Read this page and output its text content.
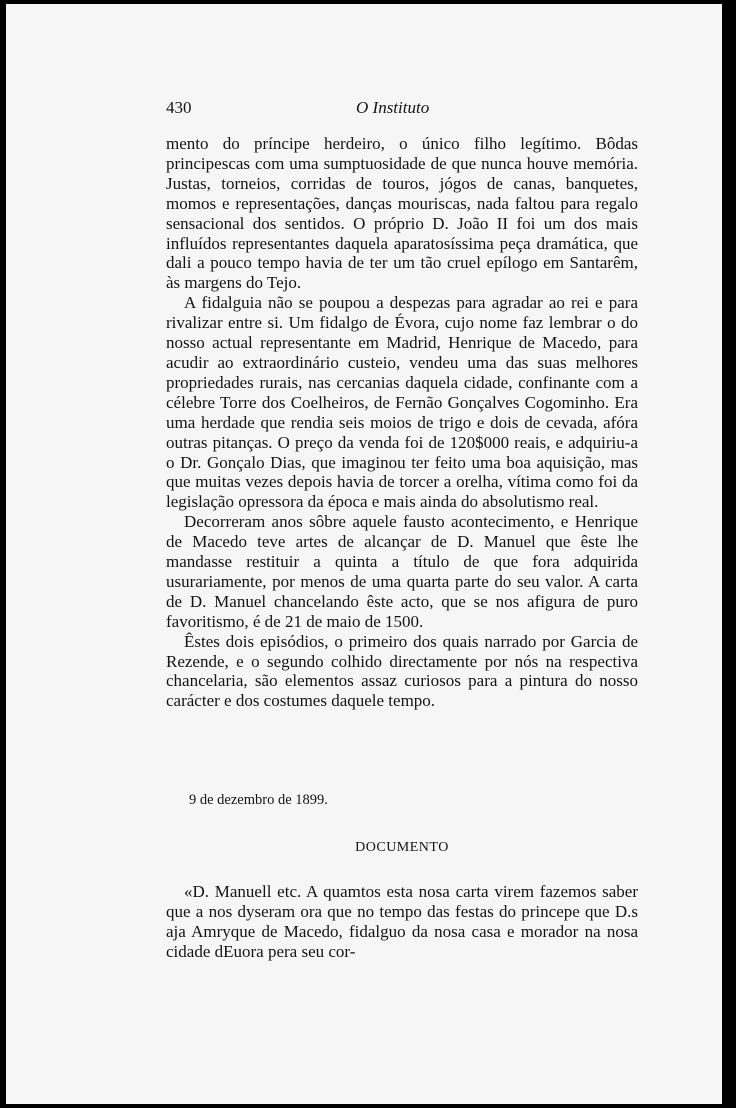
430	O Instituto

mento do príncipe herdeiro, o único filho legítimo. Bôdas principescas com uma sumptuosidade de que nunca houve memória. Justas, torneios, corridas de touros, jógos de canas, banquetes, momos e representações, danças mouriscas, nada faltou para regalo sensacional dos sentidos. O próprio D. João II foi um dos mais influídos representantes daquela aparatosíssima peça dramática, que dali a pouco tempo havia de ter um tão cruel epílogo em Santarêm, às margens do Tejo.

A fidalguia não se poupou a despezas para agradar ao rei e para rivalizar entre si. Um fidalgo de Évora, cujo nome faz lembrar o do nosso actual representante em Madrid, Henrique de Macedo, para acudir ao extraordinário custeio, vendeu uma das suas melhores propriedades rurais, nas cercanias daquela cidade, confinante com a célebre Torre dos Coelheiros, de Fernão Gonçalves Cogominho. Era uma herdade que rendia seis moios de trigo e dois de cevada, afóra outras pitanças. O preço da venda foi de 120$000 reais, e adquiriu-a o Dr. Gonçalo Dias, que imaginou ter feito uma boa aquisição, mas que muitas vezes depois havia de torcer a orelha, vítima como foi da legislação opressora da época e mais ainda do absolutismo real.

Decorreram anos sôbre aquele fausto acontecimento, e Henrique de Macedo teve artes de alcançar de D. Manuel que êste lhe mandasse restituir a quinta a título de que fora adquirida usurariamente, por menos de uma quarta parte do seu valor. A carta de D. Manuel chancelando êste acto, que se nos afigura de puro favoritismo, é de 21 de maio de 1500.

Êstes dois episódios, o primeiro dos quais narrado por Garcia de Rezende, e o segundo colhido directamente por nós na respectiva chancelaria, são elementos assaz curiosos para a pintura do nosso carácter e dos costumes daquele tempo.

9 de dezembro de 1899.
DOCUMENTO

«D. Manuell etc. A quamtos esta nosa carta virem fazemos saber que a nos dyseram ora que no tempo das festas do princepe que D.s aja Amryque de Macedo, fidalguo da nosa casa e morador na nosa cidade dEuora pera seu cor-
